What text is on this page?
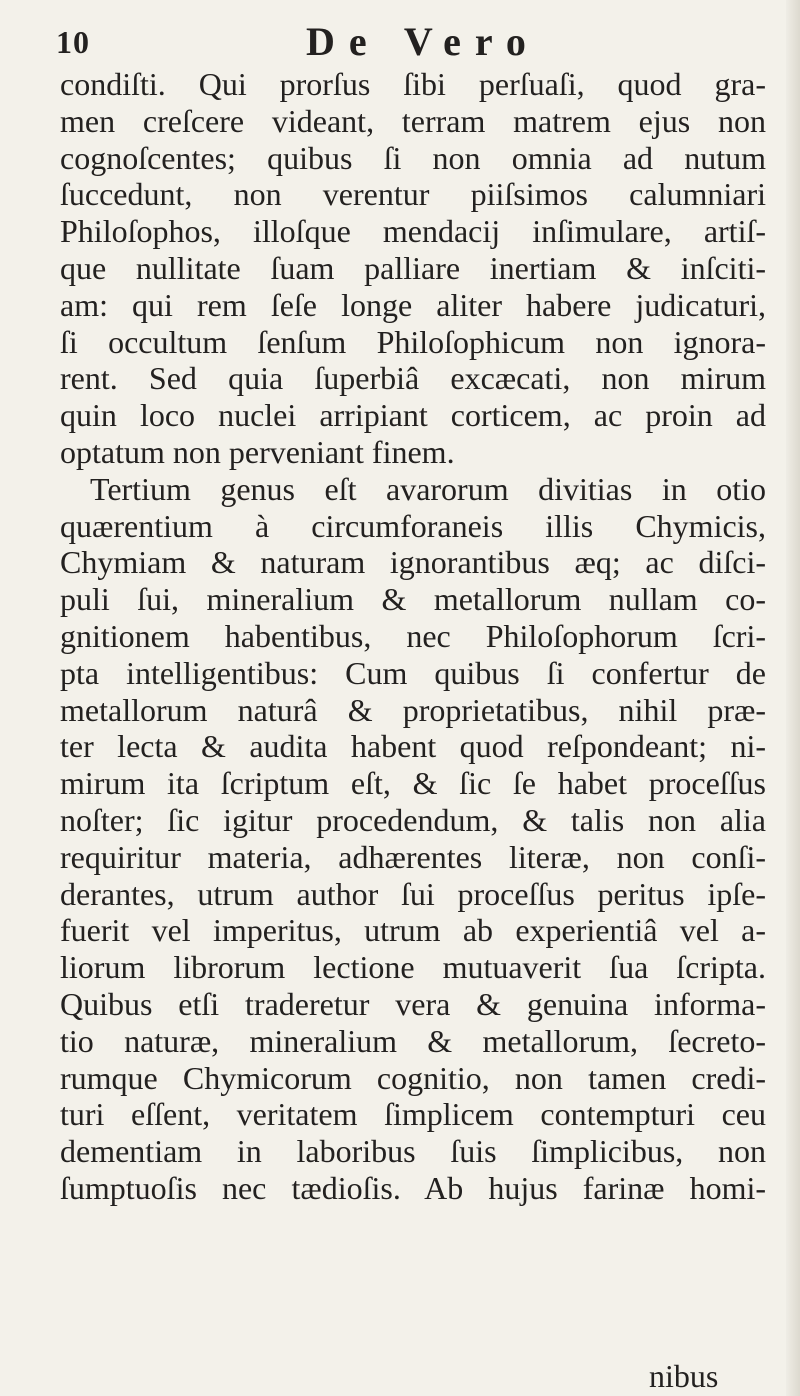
10	De Vero
condiſti. Qui prorſus ſibi perſuaſi, quod gra-
men creſcere videant, terram matrem ejus non
cognoſcentes; quibus ſi non omnia ad nutum
ſuccedunt, non verentur piiſsimos calumniari
Philoſophos, illoſque mendacij inſimulare, artiſ-
que nullitate ſuam palliare inertiam & inſciti-
am: qui rem ſeſe longe aliter habere judicaturi,
ſi occultum ſenſum Philoſophicum non ignora-
rent. Sed quia ſuperbiâ excæcati, non mirum
quin loco nuclei arripiant corticem, ac proin ad
optatum non perveniant finem.
Tertium genus eſt avarorum divitias in otio
quærentium à circumforaneis illis Chymicis,
Chymiam & naturam ignorantibus æq; ac diſci-
puli ſui, mineralium & metallorum nullam co-
gnitionem habentibus, nec Philoſophorum ſcri-
pta intelligentibus: Cum quibus ſi confertur de
metallorum naturâ & proprietatibus, nihil præ-
ter lecta & audita habent quod reſpondeant; ni-
mirum ita ſcriptum eſt, & ſic ſe habet proceſſus
noſter; ſic igitur procedendum, & talis non alia
requiritur materia, adhærentes literæ, non conſi-
derantes, utrum author ſui proceſſus peritus ipſe-
fuerit vel imperitus, utrum ab experientiâ vel a-
liorum librorum lectione mutuaverit ſua ſcripta.
Quibus etſi traderetur vera & genuina informa-
tio naturæ, mineralium & metallorum, ſecreto-
rumque Chymicorum cognitio, non tamen credi-
turi eſſent, veritatem ſimplicem contempturi ceu
dementiam in laboribus ſuis ſimplicibus, non
ſumptuoſis nec tædioſis. Ab hujus farinæ homi-
nibus
